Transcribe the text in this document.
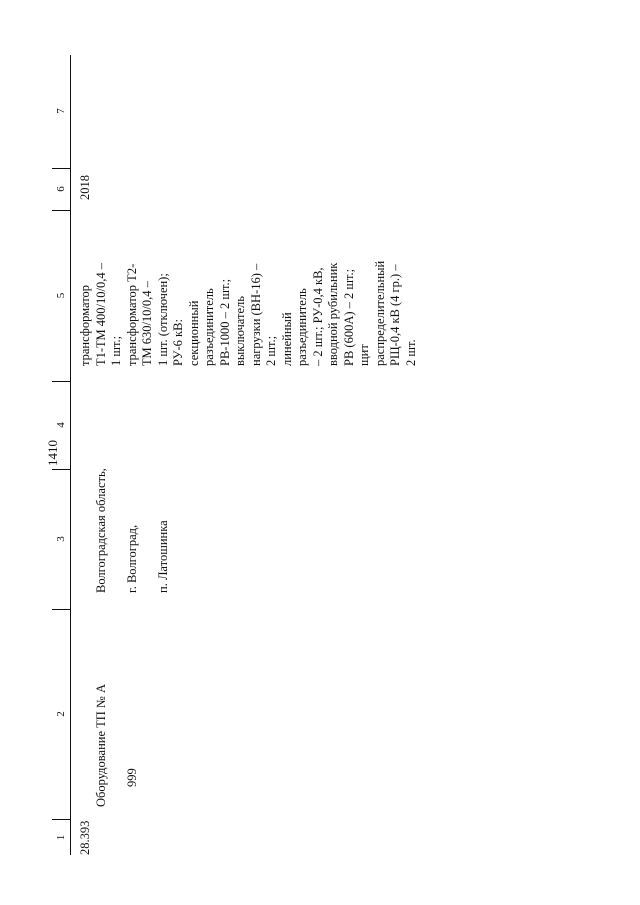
1410
1
2
3
4
5
6
7
28.393

Оборудование ТП № А 999

Волгоградская область, г. Волгоград, п. Латошинка

трансформатор Т1-ТМ 400/10/0,4 – 1 шт.; трансформатор Т2- ТМ 630/10/0,4 – 1 шт. (отключен); РУ-6 кВ: секционный разъединитель РВ-1000 – 2 шт.; выключатель нагрузки (ВН-16) – 2 шт.; линейный разъединитель – 2 шт.; РУ-0,4 кВ, вводной рубильник РВ (600А) – 2 шт.; щит распределительный РЩ-0,4 кВ (4 гр.) – 2 шт.
2018
